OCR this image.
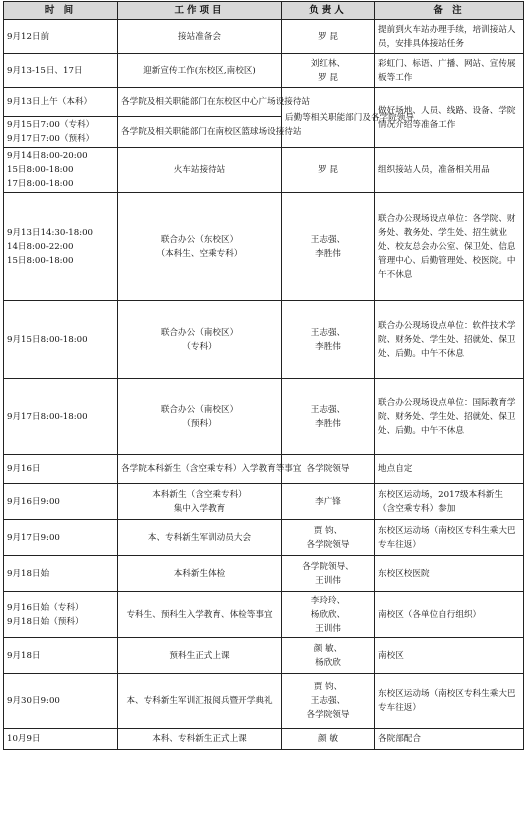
时 间	工作项目	负责人	备 注

9月12日前	接站准备会	罗 昆	提前到火车站办理手续，培训接站人员，安排具体接站任务

9月13-15日、17日	迎新宣传工作(东校区,南校区)	刘红林、
罗 昆	彩虹门、标语、广播、网站、宣传展板等工作

9月13日上午（本科）	各学院及相关职能部门在东校区中心广场设接待站	后勤等相关职能部门及各学院领导	做好场地、人员、线路、设备、学院情况介绍等准备工作

9月15日7:00（专科）
9月17日7:00（预科）	各学院及相关职能部门在南校区篮球场设接待站		

9月14日8:00-20:00
15日8:00-18:00
17日8:00-18:00	火车站接待站	罗 昆	组织接站人员，准备相关用品

9月13日14:30-18:00
14日8:00-22:00
15日8:00-18:00	联合办公（东校区）
（本科生、空乘专科）	王志强、
李胜伟	联合办公现场设点单位：各学院、财务处、教务处、学生处、招生就业处、校友总会办公室、保卫处、信息管理中心、后勤管理处、校医院。中午不休息

9月15日8:00-18:00	联合办公（南校区）
（专科）	王志强、
李胜伟	联合办公现场设点单位：软件技术学院、财务处、学生处、招就处、保卫处、后勤。中午不休息

9月17日8:00-18:00	联合办公（南校区）
（预科）	王志强、
李胜伟	联合办公现场设点单位：国际教育学院、财务处、学生处、招就处、保卫处、后勤。中午不休息

9月16日	各学院本科新生（含空乘专科）入学教育等事宜	各学院领导	地点自定

9月16日9:00	本科新生（含空乘专科）
集中入学教育	李广锋	东校区运动场，2017级本科新生（含空乘专科）参加

9月17日9:00	本、专科新生军训动员大会	贾 钧、
各学院领导	东校区运动场（南校区专科生乘大巴专车往返）

9月18日始	本科新生体检	各学院领导、
王训伟	东校区校医院

9月16日始（专科）
9月18日始（预科）	专科生、预科生入学教育、体检等事宜	李玲玲、
杨欣欣、
王训伟	南校区（各单位自行组织）

9月18日	预科生正式上课	颜 敏、
杨欣欣	南校区

9月30日9:00	本、专科新生军训汇报阅兵暨开学典礼	贾 钧、
王志强、
各学院领导	东校区运动场（南校区专科生乘大巴专车往返）

10月9日	本科、专科新生正式上课	颜 敏	各院部配合
